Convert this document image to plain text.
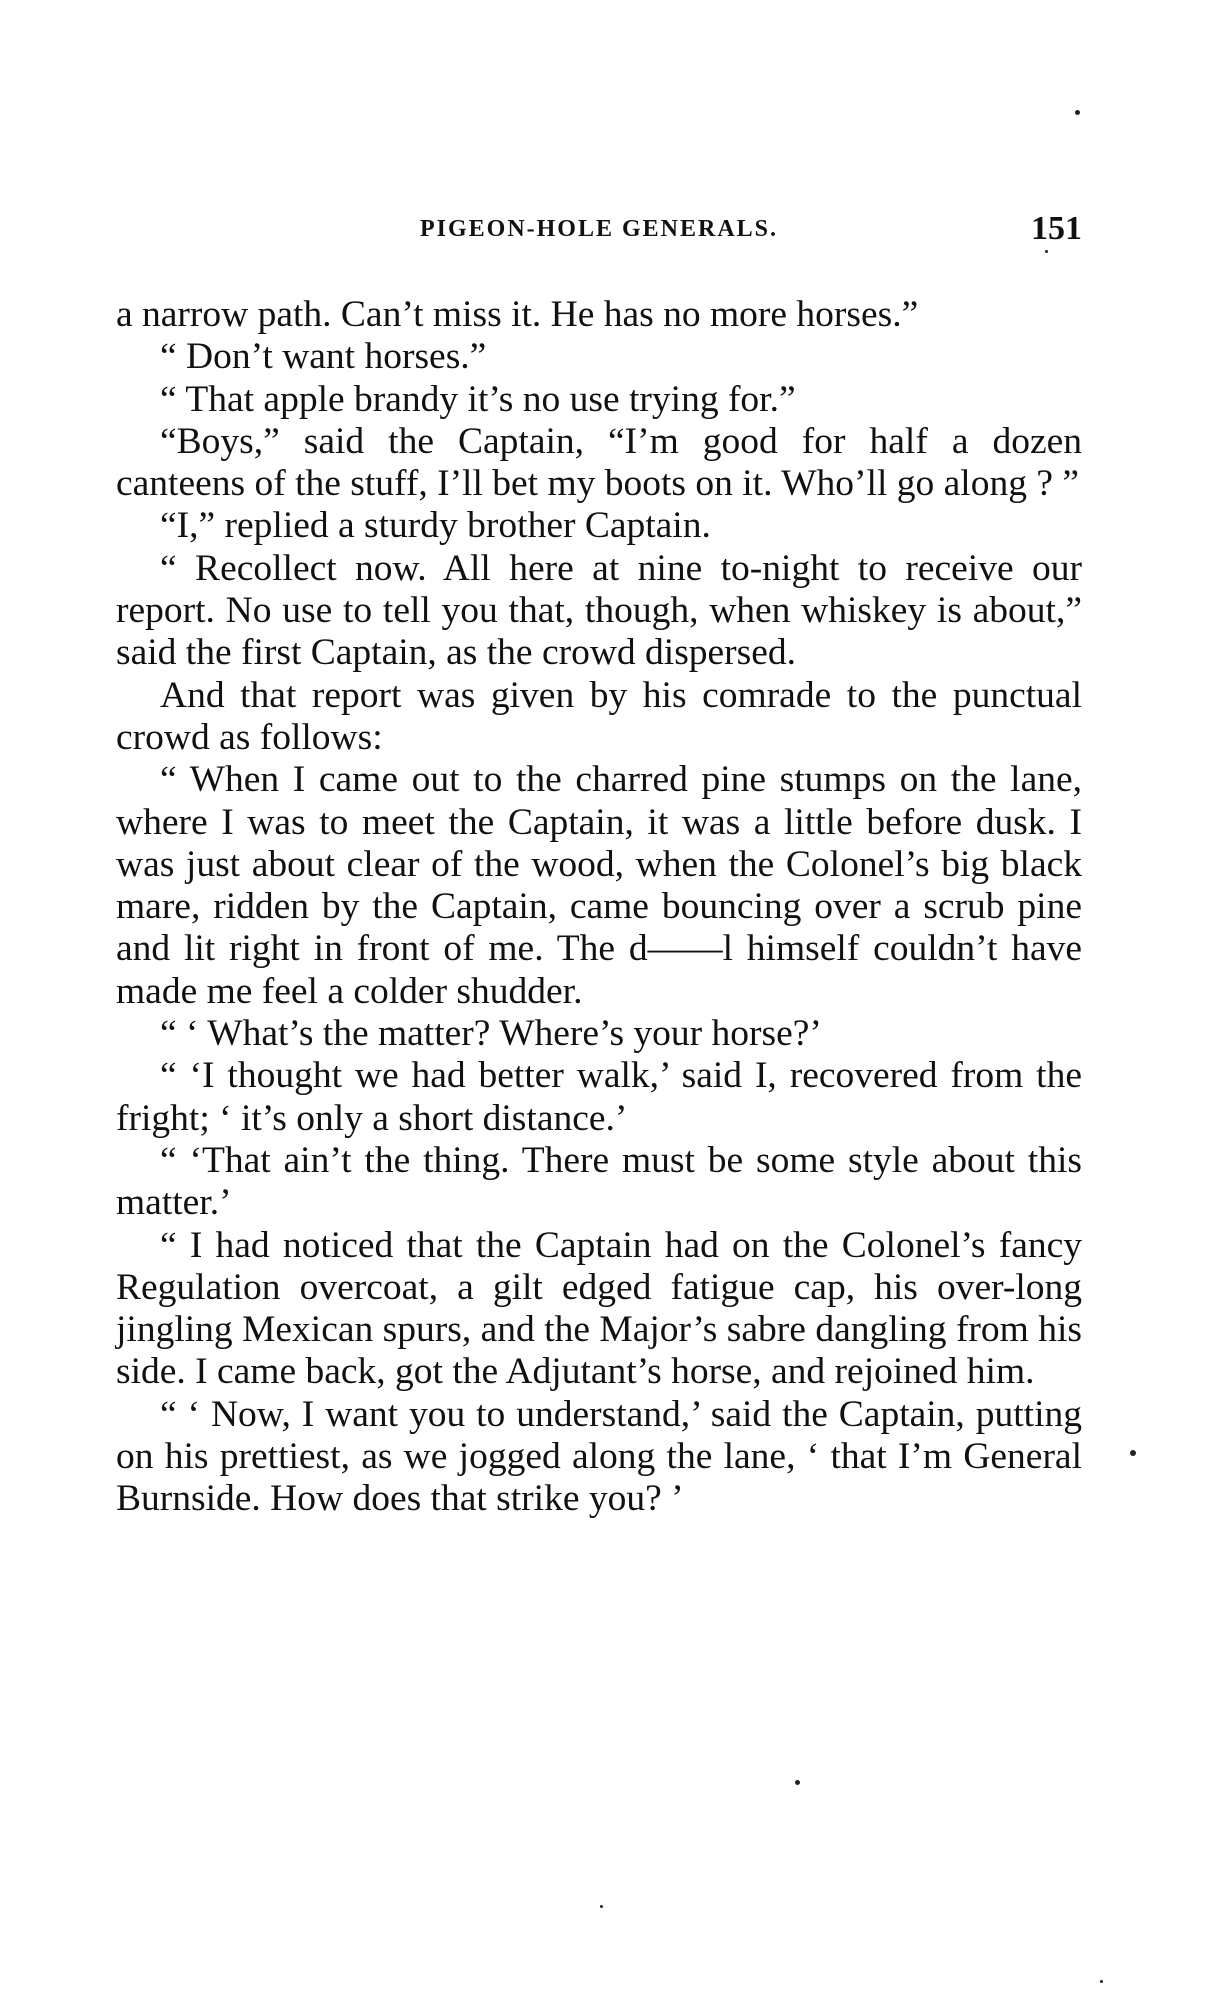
PIGEON-HOLE GENERALS.	151

a narrow path. Can’t miss it. He has no more horses.”

“ Don’t want horses.”

“ That apple brandy it’s no use trying for.”

“Boys,” said the Captain, “I’m good for half a dozen canteens of the stuff, I’ll bet my boots on it. Who’ll go along ? ”

“I,” replied a sturdy brother Captain.

“ Recollect now. All here at nine to-night to receive our report. No use to tell you that, though, when whiskey is about,” said the first Captain, as the crowd dispersed.

And that report was given by his comrade to the punctual crowd as follows:

“ When I came out to the charred pine stumps on the lane, where I was to meet the Captain, it was a little before dusk. I was just about clear of the wood, when the Colonel’s big black mare, ridden by the Captain, came bouncing over a scrub pine and lit right in front of me. The d——l himself couldn’t have made me feel a colder shudder.

“ ‘ What’s the matter? Where’s your horse?’

“ ‘I thought we had better walk,’ said I, recovered from the fright; ‘ it’s only a short distance.’

“ ‘That ain’t the thing. There must be some style about this matter.’

“ I had noticed that the Captain had on the Colonel’s fancy Regulation overcoat, a gilt edged fatigue cap, his over-long jingling Mexican spurs, and the Major’s sabre dangling from his side. I came back, got the Adjutant’s horse, and rejoined him.

“ ‘ Now, I want you to understand,’ said the Captain, putting on his prettiest, as we jogged along the lane, ‘ that I’m General Burnside. How does that strike you? ’
